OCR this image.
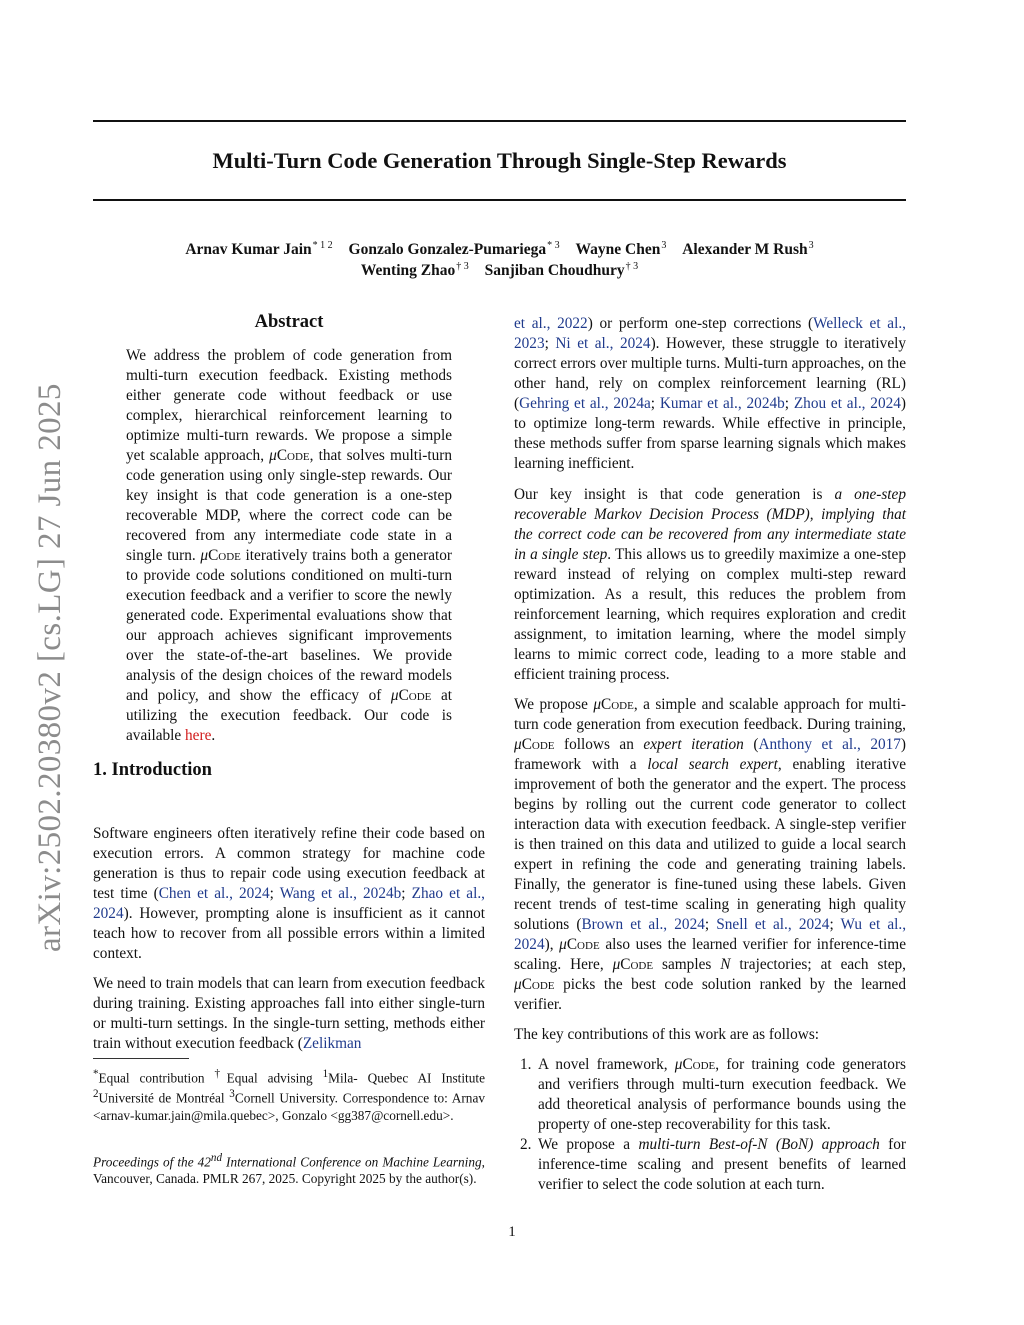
arXiv:2502.20380v2 [cs.LG] 27 Jun 2025
Multi-Turn Code Generation Through Single-Step Rewards
Arnav Kumar Jain$^{* 1 2}$ Gonzalo Gonzalez-Pumariega$^{* 3}$ Wayne Chen$^3$ Alexander M Rush$^3$
Wenting Zhao$^{\dagger 3}$ Sanjiban Choudhury$^{\dagger 3}$
Abstract

We address the problem of code generation from multi-turn execution feedback. Existing methods either generate code without feedback or use complex, hierarchical reinforcement learning to optimize multi-turn rewards. We propose a simple yet scalable approach, μCode, that solves multi-turn code generation using only single-step rewards. Our key insight is that code generation is a one-step recoverable MDP, where the correct code can be recovered from any intermediate code state in a single turn. μCode iteratively trains both a generator to provide code solutions conditioned on multi-turn execution feedback and a verifier to score the newly generated code. Experimental evaluations show that our approach achieves significant improvements over the state-of-the-art baselines. We provide analysis of the design choices of the reward models and policy, and show the efficacy of μCode at utilizing the execution feedback. Our code is available here.

1. Introduction

Software engineers often iteratively refine their code based on execution errors. A common strategy for machine code generation is thus to repair code using execution feedback at test time (Chen et al., 2024; Wang et al., 2024b; Zhao et al., 2024). However, prompting alone is insufficient as it cannot teach how to recover from all possible errors within a limited context.

We need to train models that can learn from execution feedback during training. Existing approaches fall into either single-turn or multi-turn settings. In the single-turn setting, methods either train without execution feedback (Zelikman

*Equal contribution †Equal advising $^1$Mila- Quebec AI Institute $^2$Université de Montréal $^3$Cornell University. Correspondence to: Arnav <arnav-kumar.jain@mila.quebec>, Gonzalo <gg387@cornell.edu>.

Proceedings of the 42nd International Conference on Machine Learning, Vancouver, Canada. PMLR 267, 2025. Copyright 2025 by the author(s).

et al., 2022) or perform one-step corrections (Welleck et al., 2023; Ni et al., 2024). However, these struggle to iteratively correct errors over multiple turns. Multi-turn approaches, on the other hand, rely on complex reinforcement learning (RL) (Gehring et al., 2024a; Kumar et al., 2024b; Zhou et al., 2024) to optimize long-term rewards. While effective in principle, these methods suffer from sparse learning signals which makes learning inefficient.

Our key insight is that code generation is a one-step recoverable Markov Decision Process (MDP), implying that the correct code can be recovered from any intermediate state in a single step. This allows us to greedily maximize a one-step reward instead of relying on complex multi-step reward optimization. As a result, this reduces the problem from reinforcement learning, which requires exploration and credit assignment, to imitation learning, where the model simply learns to mimic correct code, leading to a more stable and efficient training process.

We propose μCode, a simple and scalable approach for multi-turn code generation from execution feedback. During training, μCode follows an expert iteration (Anthony et al., 2017) framework with a local search expert, enabling iterative improvement of both the generator and the expert. The process begins by rolling out the current code generator to collect interaction data with execution feedback. A single-step verifier is then trained on this data and utilized to guide a local search expert in refining the code and generating training labels. Finally, the generator is fine-tuned using these labels. Given recent trends of test-time scaling in generating high quality solutions (Brown et al., 2024; Snell et al., 2024; Wu et al., 2024), μCode also uses the learned verifier for inference-time scaling. Here, μCode samples N trajectories; at each step, μCode picks the best code solution ranked by the learned verifier.

The key contributions of this work are as follows:

1. A novel framework, μCode, for training code generators and verifiers through multi-turn execution feedback. We add theoretical analysis of performance bounds using the property of one-step recoverability for this task.
2. We propose a multi-turn Best-of-N (BoN) approach for inference-time scaling and present benefits of learned verifier to select the code solution at each turn.
1
